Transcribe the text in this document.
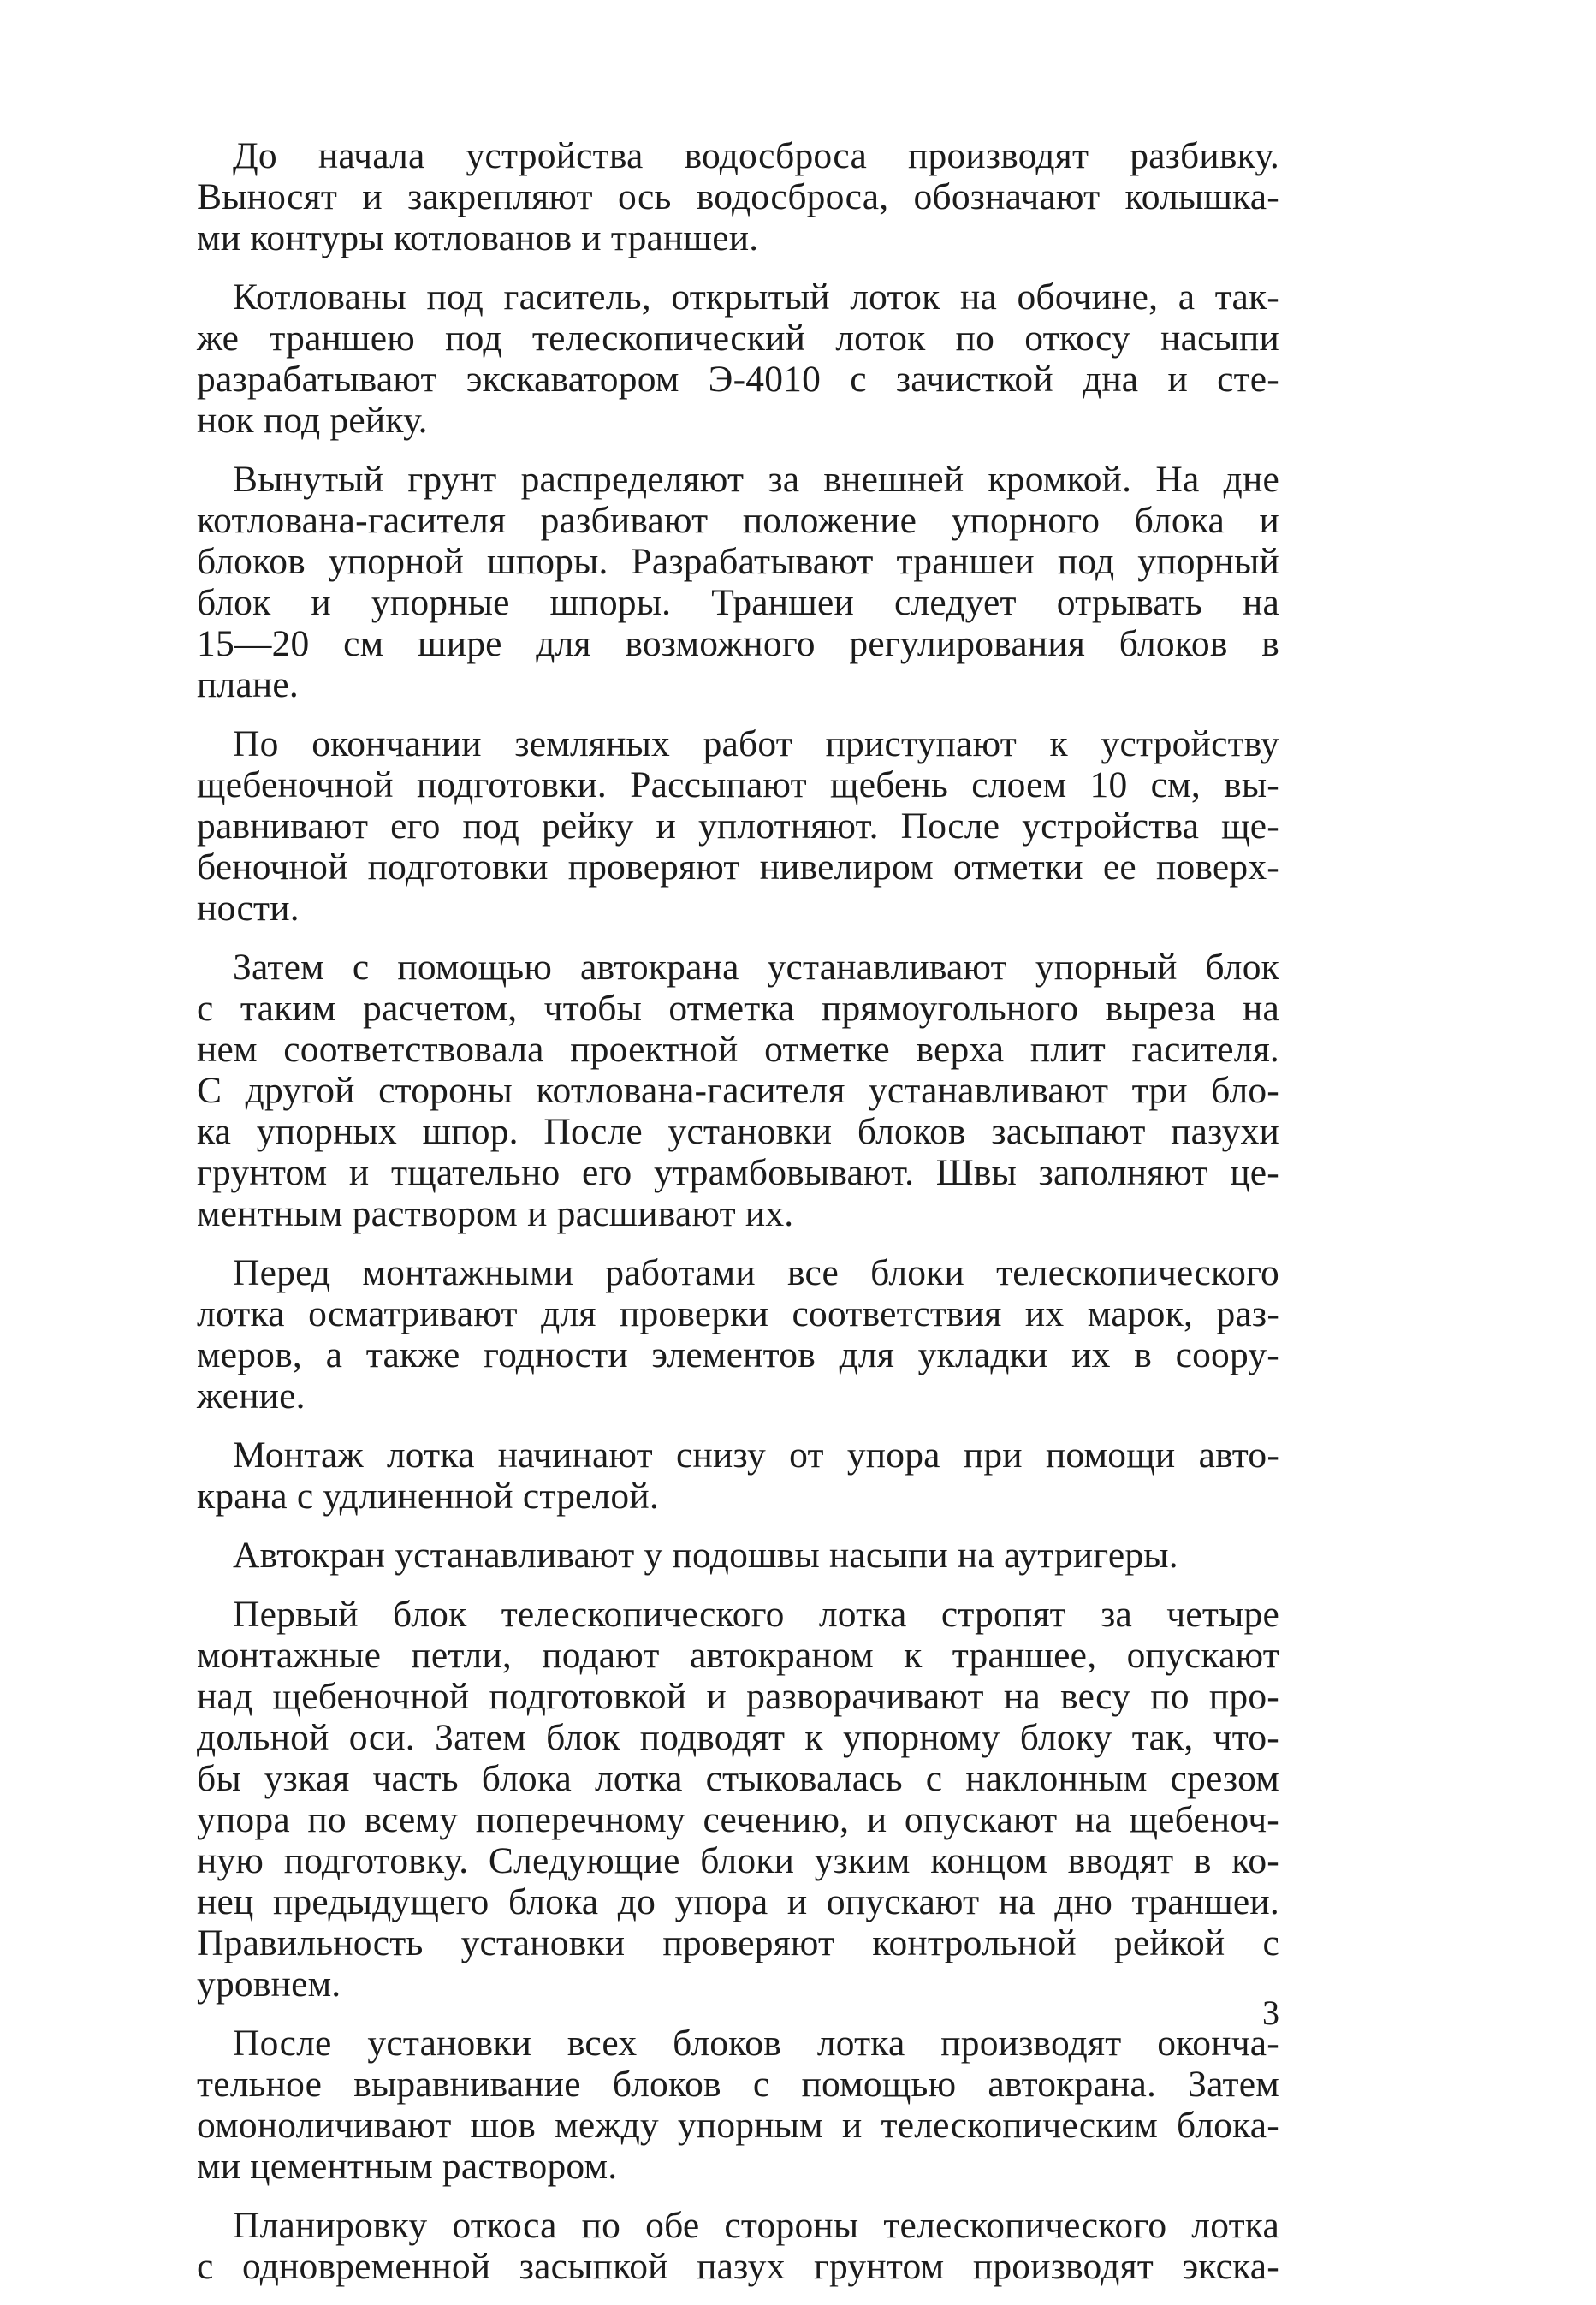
До начала устройства водосброса производят разбивку.
Выносят и закрепляют ось водосброса, обозначают колышка-
ми контуры котлованов и траншеи.
Котлованы под гаситель, открытый лоток на обочине, а так-
же траншею под телескопический лоток по откосу насыпи
разрабатывают экскаватором Э-4010 с зачисткой дна и сте-
нок под рейку.
Вынутый грунт распределяют за внешней кромкой. На дне
котлована-гасителя разбивают положение упорного блока и
блоков упорной шпоры. Разрабатывают траншеи под упорный
блок и упорные шпоры. Траншеи следует отрывать на
15—20 см шире для возможного регулирования блоков в
плане.
По окончании земляных работ приступают к устройству
щебеночной подготовки. Рассыпают щебень слоем 10 см, вы-
равнивают его под рейку и уплотняют. После устройства ще-
беночной подготовки проверяют нивелиром отметки ее поверх-
ности.
Затем с помощью автокрана устанавливают упорный блок
с таким расчетом, чтобы отметка прямоугольного выреза на
нем соответствовала проектной отметке верха плит гасителя.
С другой стороны котлована-гасителя устанавливают три бло-
ка упорных шпор. После установки блоков засыпают пазухи
грунтом и тщательно его утрамбовывают. Швы заполняют це-
ментным раствором и расшивают их.
Перед монтажными работами все блоки телескопического
лотка осматривают для проверки соответствия их марок, раз-
меров, а также годности элементов для укладки их в соору-
жение.
Монтаж лотка начинают снизу от упора при помощи авто-
крана с удлиненной стрелой.
Автокран устанавливают у подошвы насыпи на аутригеры.
Первый блок телескопического лотка стропят за четыре
монтажные петли, подают автокраном к траншее, опускают
над щебеночной подготовкой и разворачивают на весу по про-
дольной оси. Затем блок подводят к упорному блоку так, что-
бы узкая часть блока лотка стыковалась с наклонным срезом
упора по всему поперечному сечению, и опускают на щебеноч-
ную подготовку. Следующие блоки узким концом вводят в ко-
нец предыдущего блока до упора и опускают на дно траншеи.
Правильность установки проверяют контрольной рейкой с
уровнем.
После установки всех блоков лотка производят оконча-
тельное выравнивание блоков с помощью автокрана. Затем
омоноличивают шов между упорным и телескопическим блока-
ми цементным раствором.
Планировку откоса по обе стороны телескопического лотка
с одновременной засыпкой пазух грунтом производят экска-
3
